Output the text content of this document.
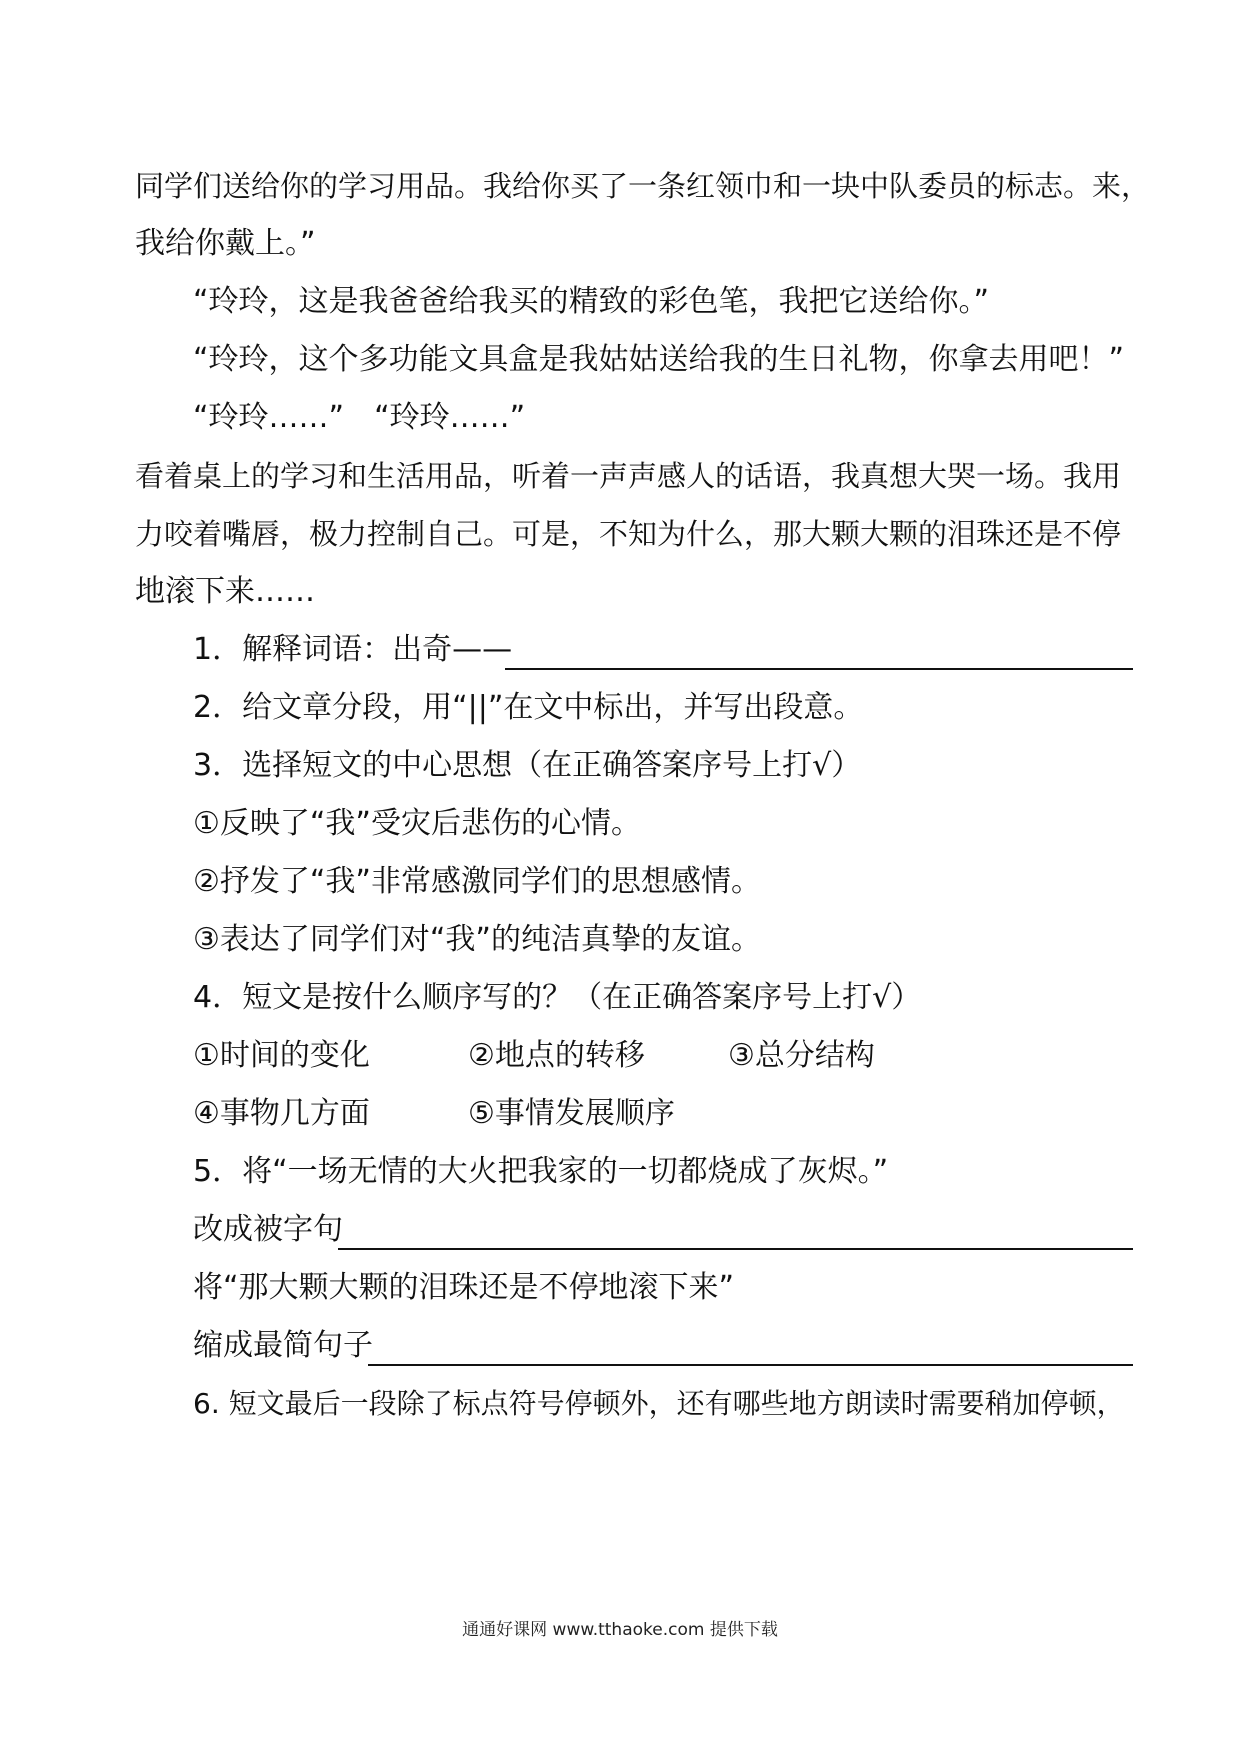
同学们送给你的学习用品。我给你买了一条红领巾和一块中队委员的标志。来，
我给你戴上。”
“玲玲，这是我爸爸给我买的精致的彩色笔，我把它送给你。”
“玲玲，这个多功能文具盒是我姑姑送给我的生日礼物，你拿去用吧！”
“玲玲……”　“玲玲……”
看着桌上的学习和生活用品，听着一声声感人的话语，我真想大哭一场。我用
力咬着嘴唇，极力控制自己。可是，不知为什么，那大颗大颗的泪珠还是不停
地滚下来……
1．解释词语：出奇——
2．给文章分段，用“||”在文中标出，并写出段意。
3．选择短文的中心思想（在正确答案序号上打√）
①反映了“我”受灾后悲伤的心情。
②抒发了“我”非常感激同学们的思想感情。
③表达了同学们对“我”的纯洁真挚的友谊。
4．短文是按什么顺序写的？（在正确答案序号上打√）
①时间的变化	②地点的转移	③总分结构
④事物几方面	⑤事情发展顺序
5．将“一场无情的大火把我家的一切都烧成了灰烬。”
改成被字句
将“那大颗大颗的泪珠还是不停地滚下来”
缩成最简句子
6. 短文最后一段除了标点符号停顿外，还有哪些地方朗读时需要稍加停顿，
通通好课网 www.tthaoke.com 提供下载
